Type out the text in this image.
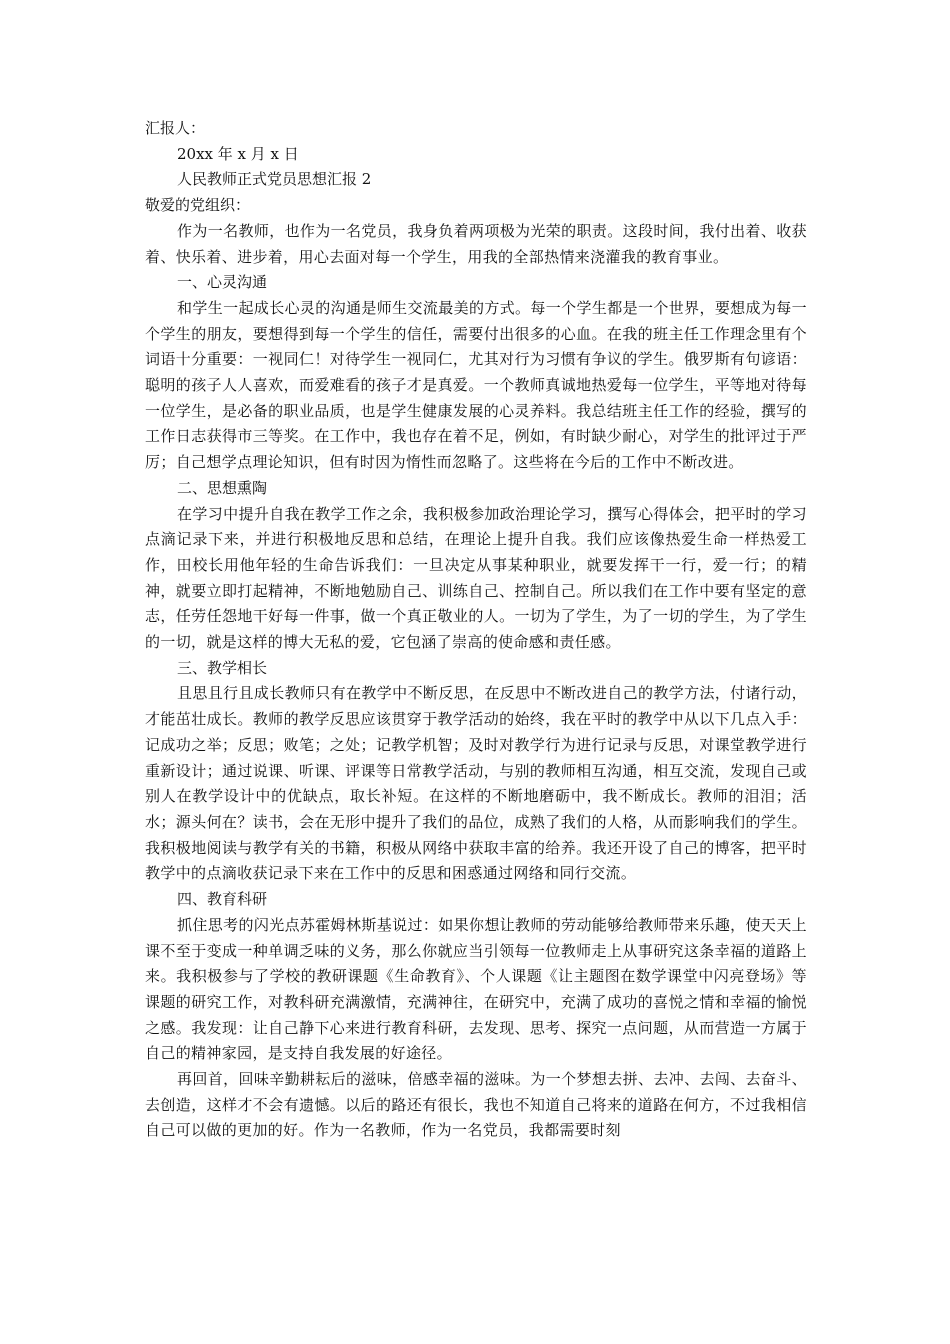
汇报人：

20xx 年 x 月 x 日

人民教师正式党员思想汇报 2

敬爱的党组织：

作为一名教师，也作为一名党员，我身负着两项极为光荣的职责。这段时间，我付出着、收获着、快乐着、进步着，用心去面对每一个学生，用我的全部热情来浇灌我的教育事业。

一、心灵沟通

和学生一起成长心灵的沟通是师生交流最美的方式。每一个学生都是一个世界，要想成为每一个学生的朋友，要想得到每一个学生的信任，需要付出很多的心血。在我的班主任工作理念里有个词语十分重要：一视同仁！对待学生一视同仁，尤其对行为习惯有争议的学生。俄罗斯有句谚语：聪明的孩子人人喜欢，而爱难看的孩子才是真爱。一个教师真诚地热爱每一位学生，平等地对待每一位学生，是必备的职业品质，也是学生健康发展的心灵养料。我总结班主任工作的经验，撰写的工作日志获得市三等奖。在工作中，我也存在着不足，例如，有时缺少耐心，对学生的批评过于严厉；自己想学点理论知识，但有时因为惰性而忽略了。这些将在今后的工作中不断改进。

二、思想熏陶

在学习中提升自我在教学工作之余，我积极参加政治理论学习，撰写心得体会，把平时的学习点滴记录下来，并进行积极地反思和总结，在理论上提升自我。我们应该像热爱生命一样热爱工作，田校长用他年轻的生命告诉我们：一旦决定从事某种职业，就要发挥干一行，爱一行；的精神，就要立即打起精神，不断地勉励自己、训练自己、控制自己。所以我们在工作中要有坚定的意志，任劳任怨地干好每一件事，做一个真正敬业的人。一切为了学生，为了一切的学生，为了学生的一切，就是这样的博大无私的爱，它包涵了崇高的使命感和责任感。

三、教学相长

且思且行且成长教师只有在教学中不断反思，在反思中不断改进自己的教学方法，付诸行动，才能茁壮成长。教师的教学反思应该贯穿于教学活动的始终，我在平时的教学中从以下几点入手：记成功之举；反思；败笔；之处；记教学机智；及时对教学行为进行记录与反思，对课堂教学进行重新设计；通过说课、听课、评课等日常教学活动，与别的教师相互沟通，相互交流，发现自己或别人在教学设计中的优缺点，取长补短。在这样的不断地磨砺中，我不断成长。教师的泪泪；活水；源头何在？读书，会在无形中提升了我们的品位，成熟了我们的人格，从而影响我们的学生。我积极地阅读与教学有关的书籍，积极从网络中获取丰富的给养。我还开设了自己的博客，把平时教学中的点滴收获记录下来在工作中的反思和困惑通过网络和同行交流。

四、教育科研

抓住思考的闪光点苏霍姆林斯基说过：如果你想让教师的劳动能够给教师带来乐趣，使天天上课不至于变成一种单调乏味的义务，那么你就应当引领每一位教师走上从事研究这条幸福的道路上来。我积极参与了学校的教研课题《生命教育》、个人课题《让主题图在数学课堂中闪亮登场》等课题的研究工作，对教科研充满激情，充满神往，在研究中，充满了成功的喜悦之情和幸福的愉悦之感。我发现：让自己静下心来进行教育科研，去发现、思考、探究一点问题，从而营造一方属于自己的精神家园，是支持自我发展的好途径。

再回首，回味辛勤耕耘后的滋味，倍感幸福的滋味。为一个梦想去拼、去冲、去闯、去奋斗、去创造，这样才不会有遗憾。以后的路还有很长，我也不知道自己将来的道路在何方，不过我相信自己可以做的更加的好。作为一名教师，作为一名党员，我都需要时刻
